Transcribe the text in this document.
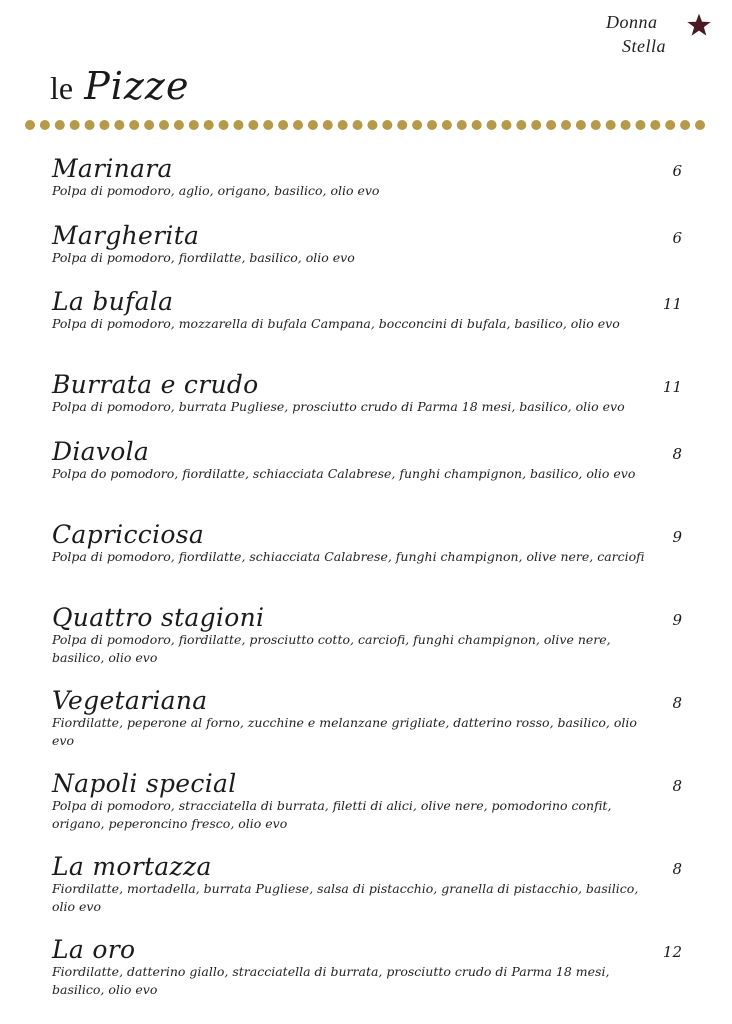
Donna
Stella
le Pizze
Marinara
Polpa di pomodoro, aglio, origano, basilico, olio evo
6
Margherita
Polpa di pomodoro, fiordilatte, basilico, olio evo
6
La bufala
Polpa di pomodoro, mozzarella di bufala Campana, bocconcini di bufala, basilico, olio evo
11
Burrata e crudo
Polpa di pomodoro, burrata Pugliese, prosciutto crudo di Parma 18 mesi, basilico, olio evo
11
Diavola
Polpa do pomodoro, fiordilatte, schiacciata Calabrese, funghi champignon, basilico, olio evo
8
Capricciosa
Polpa di pomodoro, fiordilatte, schiacciata Calabrese, funghi champignon, olive nere, carciofi
9
Quattro stagioni
Polpa di pomodoro, fiordilatte, prosciutto cotto, carciofi, funghi champignon, olive nere, basilico, olio evo
9
Vegetariana
Fiordilatte, peperone al forno, zucchine e melanzane grigliate, datterino rosso, basilico, olio evo
8
Napoli special
Polpa di pomodoro, stracciatella di burrata, filetti di alici, olive nere, pomodorino confit, origano, peperoncino fresco, olio evo
8
La mortazza
Fiordilatte, mortadella, burrata Pugliese, salsa di pistacchio, granella di pistacchio, basilico, olio evo
8
La oro
Fiordilatte, datterino giallo, stracciatella di burrata, prosciutto crudo di Parma 18 mesi, basilico, olio evo
12
